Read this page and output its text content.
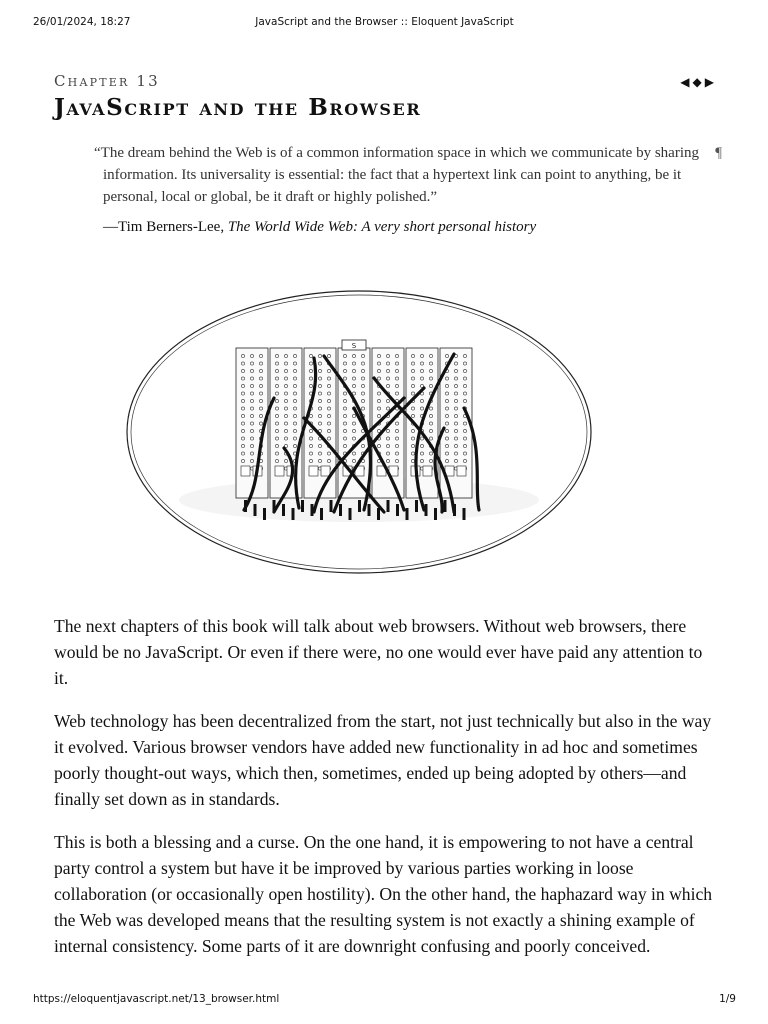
26/01/2024, 18:27	JavaScript and the Browser :: Eloquent JavaScript
Chapter 13	◀ ◆ ▶
JavaScript and the Browser
“The dream behind the Web is of a common information space in which we communicate by sharing information. Its universality is essential: the fact that a hypertext link can point to anything, be it personal, local or global, be it draft or highly polished.”
¶
—Tim Berners-Lee, The World Wide Web: A very short personal history
S

The next chapters of this book will talk about web browsers. Without web browsers, there would be no JavaScript. Or even if there were, no one would ever have paid any attention to it.

Web technology has been decentralized from the start, not just technically but also in the way it evolved. Various browser vendors have added new functionality in ad hoc and sometimes poorly thought-out ways, which then, sometimes, ended up being adopted by others—and finally set down as in standards.

This is both a blessing and a curse. On the one hand, it is empowering to not have a central party control a system but have it be improved by various parties working in loose collaboration (or occasionally open hostility). On the other hand, the haphazard way in which the Web was developed means that the resulting system is not exactly a shining example of internal consistency. Some parts of it are downright confusing and poorly conceived.

https://eloquentjavascript.net/13_browser.html	1/9
